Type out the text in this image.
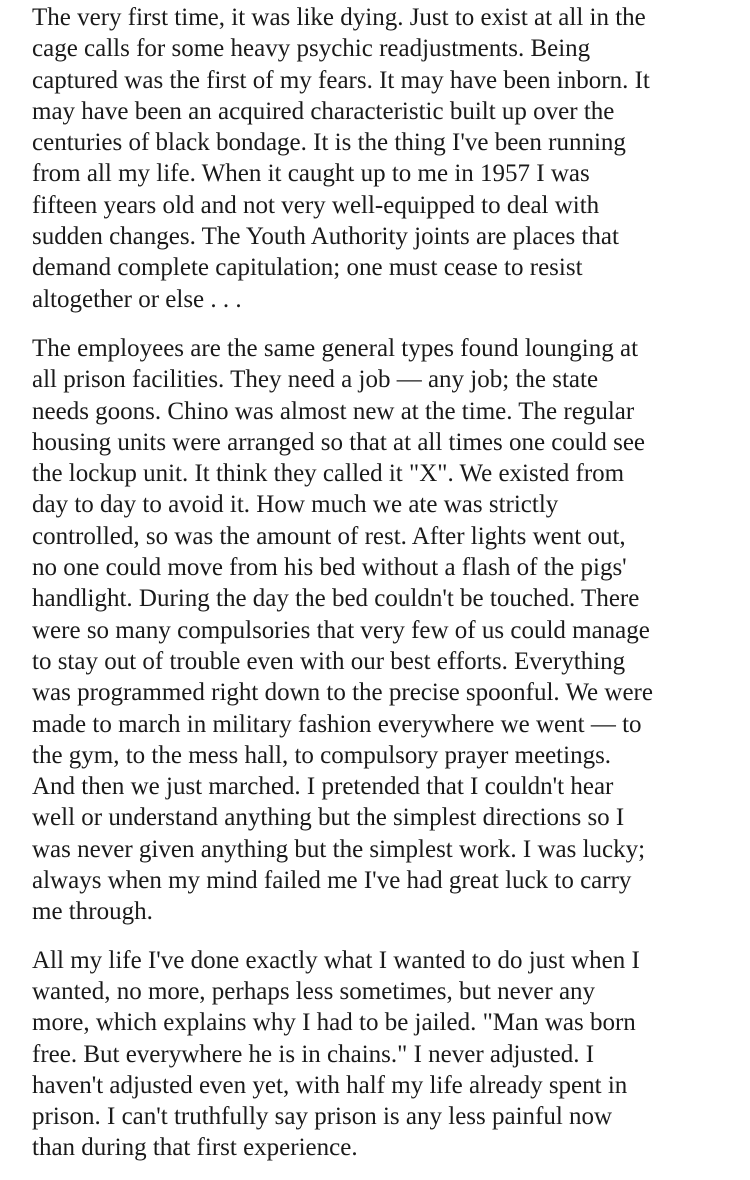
The very first time, it was like dying. Just to exist at all in the
cage calls for some heavy psychic readjustments. Being
captured was the first of my fears. It may have been inborn. It
may have been an acquired characteristic built up over the
centuries of black bondage. It is the thing I've been running
from all my life. When it caught up to me in 1957 I was
fifteen years old and not very well-equipped to deal with
sudden changes. The Youth Authority joints are places that
demand complete capitulation; one must cease to resist
altogether or else . . .

The employees are the same general types found lounging at
all prison facilities. They need a job — any job; the state
needs goons. Chino was almost new at the time. The regular
housing units were arranged so that at all times one could see
the lockup unit. It think they called it "X". We existed from
day to day to avoid it. How much we ate was strictly
controlled, so was the amount of rest. After lights went out,
no one could move from his bed without a flash of the pigs'
handlight. During the day the bed couldn't be touched. There
were so many compulsories that very few of us could manage
to stay out of trouble even with our best efforts. Everything
was programmed right down to the precise spoonful. We were
made to march in military fashion everywhere we went — to
the gym, to the mess hall, to compulsory prayer meetings.
And then we just marched. I pretended that I couldn't hear
well or understand anything but the simplest directions so I
was never given anything but the simplest work. I was lucky;
always when my mind failed me I've had great luck to carry
me through.

All my life I've done exactly what I wanted to do just when I
wanted, no more, perhaps less sometimes, but never any
more, which explains why I had to be jailed. "Man was born
free. But everywhere he is in chains." I never adjusted. I
haven't adjusted even yet, with half my life already spent in
prison. I can't truthfully say prison is any less painful now
than during that first experience.
